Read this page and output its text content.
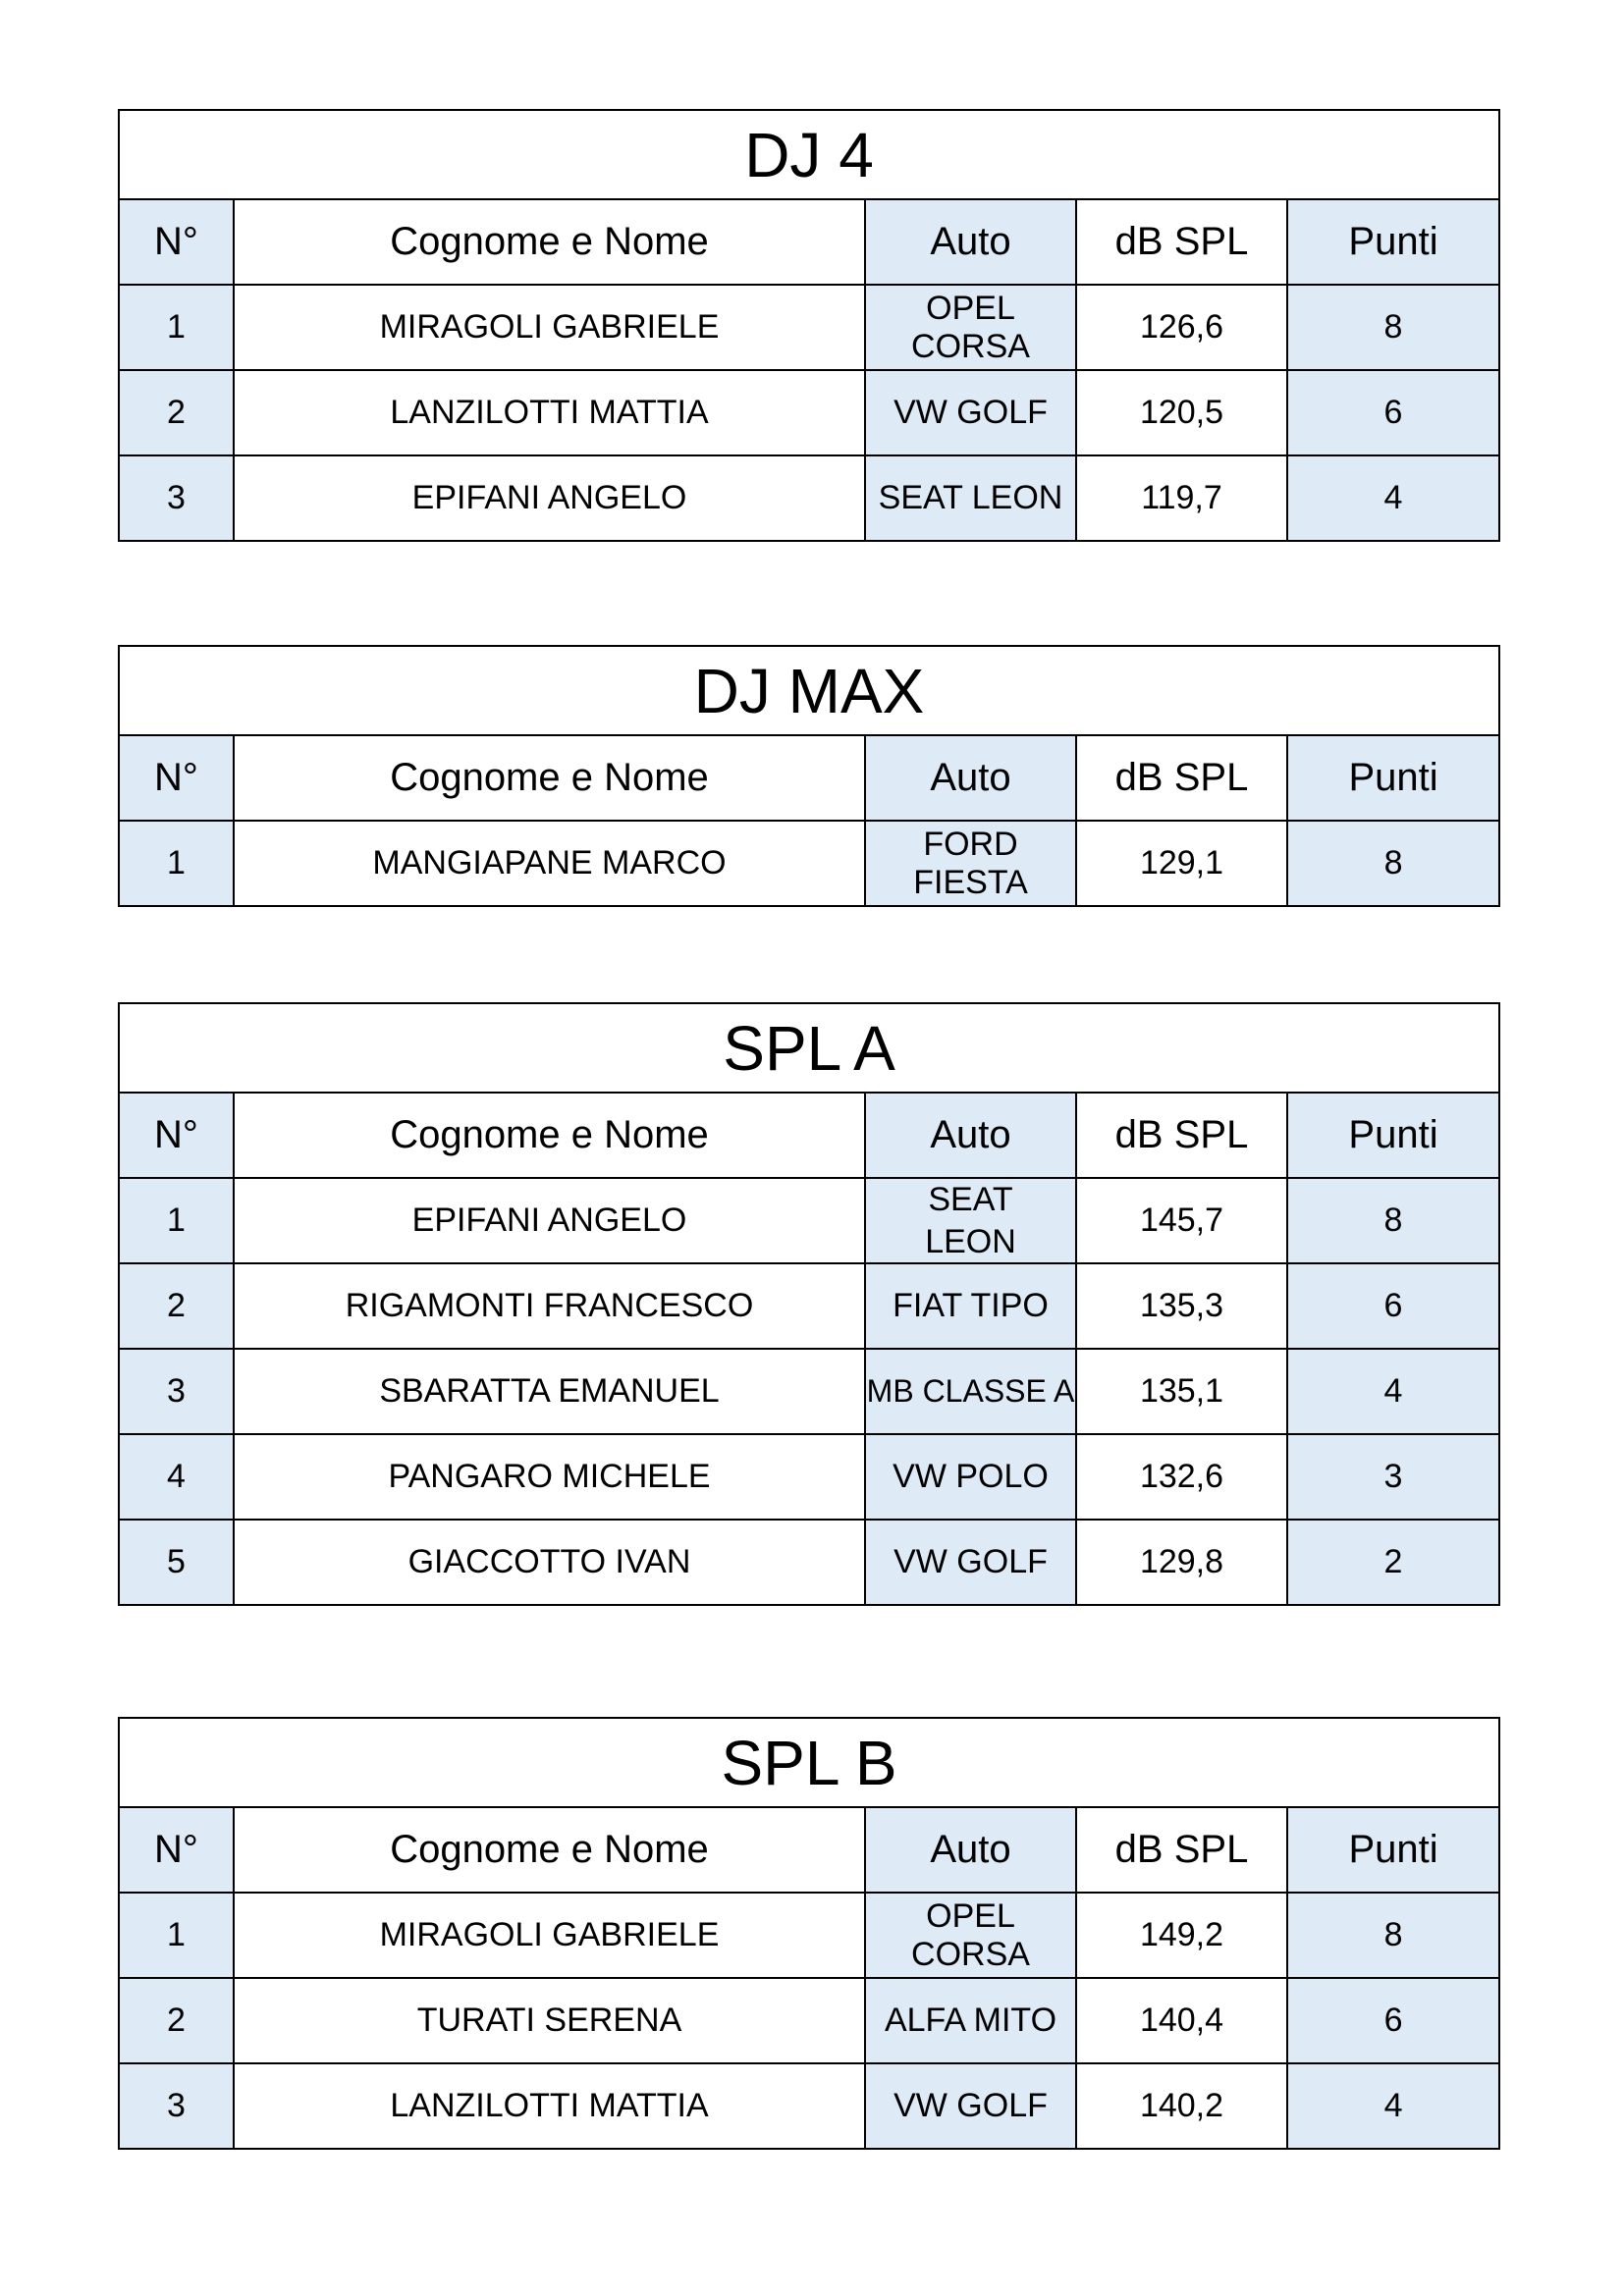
DJ 4				
N°	Cognome e Nome	Auto	dB SPL	Punti
1	MIRAGOLI GABRIELE	OPEL CORSA	126,6	8
2	LANZILOTTI MATTIA	VW GOLF	120,5	6
3	EPIFANI ANGELO	SEAT LEON	119,7	4
DJ MAX				
N°	Cognome e Nome	Auto	dB SPL	Punti
1	MANGIAPANE MARCO	FORD FIESTA	129,1	8
SPL A				
N°	Cognome e Nome	Auto	dB SPL	Punti
1	EPIFANI ANGELO	SEAT LEON	145,7	8
2	RIGAMONTI FRANCESCO	FIAT TIPO	135,3	6
3	SBARATTA EMANUEL	MB CLASSE A	135,1	4
4	PANGARO MICHELE	VW POLO	132,6	3
5	GIACCOTTO IVAN	VW GOLF	129,8	2
SPL B				
N°	Cognome e Nome	Auto	dB SPL	Punti
1	MIRAGOLI GABRIELE	OPEL CORSA	149,2	8
2	TURATI SERENA	ALFA MITO	140,4	6
3	LANZILOTTI MATTIA	VW GOLF	140,2	4
